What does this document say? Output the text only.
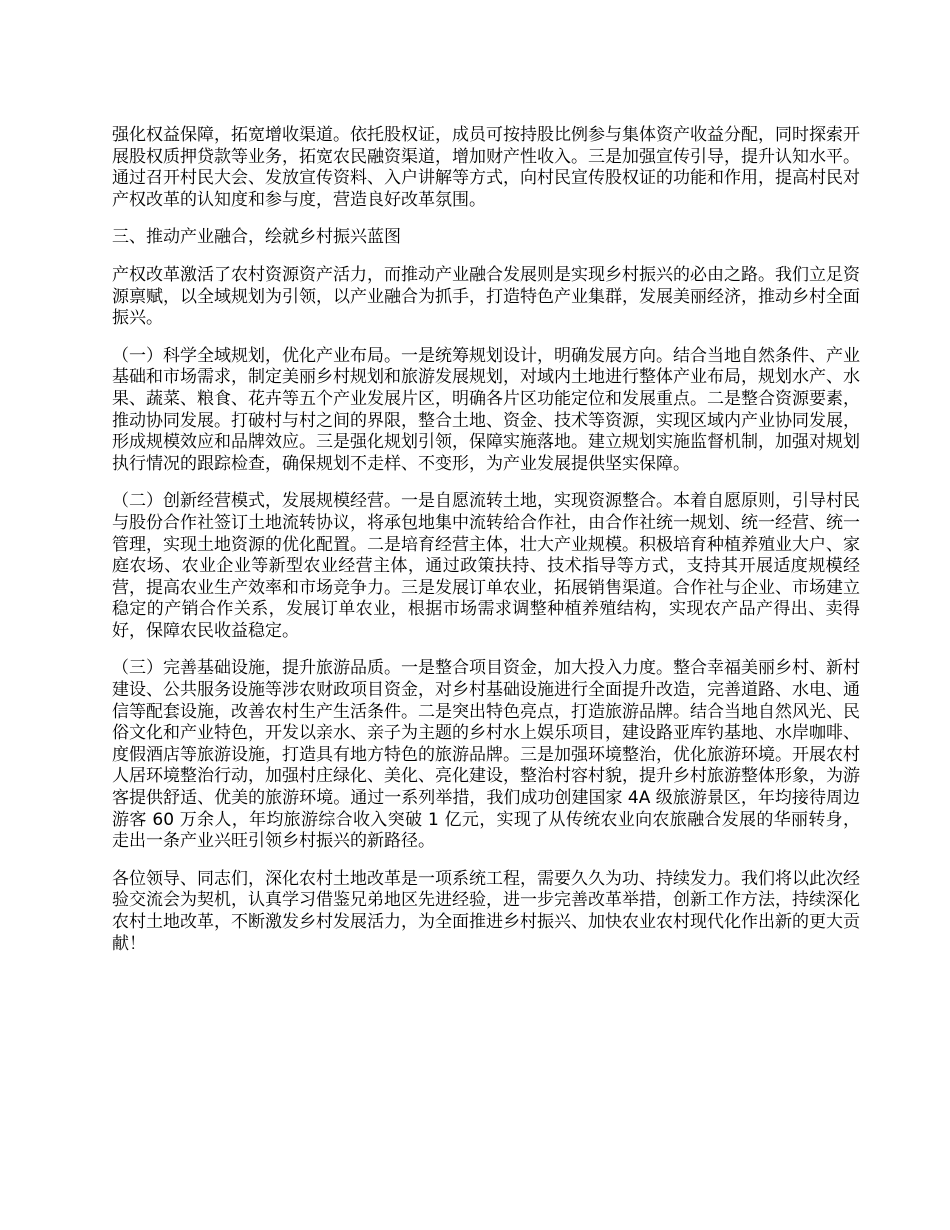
强化权益保障，拓宽增收渠道。依托股权证，成员可按持股比例参与集体资产收益分配，同时探索开展股权质押贷款等业务，拓宽农民融资渠道，增加财产性收入。三是加强宣传引导，提升认知水平。通过召开村民大会、发放宣传资料、入户讲解等方式，向村民宣传股权证的功能和作用，提高村民对产权改革的认知度和参与度，营造良好改革氛围。

三、推动产业融合，绘就乡村振兴蓝图

产权改革激活了农村资源资产活力，而推动产业融合发展则是实现乡村振兴的必由之路。我们立足资源禀赋，以全域规划为引领，以产业融合为抓手，打造特色产业集群，发展美丽经济，推动乡村全面振兴。

（一）科学全域规划，优化产业布局。一是统筹规划设计，明确发展方向。结合当地自然条件、产业基础和市场需求，制定美丽乡村规划和旅游发展规划，对域内土地进行整体产业布局，规划水产、水果、蔬菜、粮食、花卉等五个产业发展片区，明确各片区功能定位和发展重点。二是整合资源要素，推动协同发展。打破村与村之间的界限，整合土地、资金、技术等资源，实现区域内产业协同发展，形成规模效应和品牌效应。三是强化规划引领，保障实施落地。建立规划实施监督机制，加强对规划执行情况的跟踪检查，确保规划不走样、不变形，为产业发展提供坚实保障。

（二）创新经营模式，发展规模经营。一是自愿流转土地，实现资源整合。本着自愿原则，引导村民与股份合作社签订土地流转协议，将承包地集中流转给合作社，由合作社统一规划、统一经营、统一管理，实现土地资源的优化配置。二是培育经营主体，壮大产业规模。积极培育种植养殖业大户、家庭农场、农业企业等新型农业经营主体，通过政策扶持、技术指导等方式，支持其开展适度规模经营，提高农业生产效率和市场竞争力。三是发展订单农业，拓展销售渠道。合作社与企业、市场建立稳定的产销合作关系，发展订单农业，根据市场需求调整种植养殖结构，实现农产品产得出、卖得好，保障农民收益稳定。

（三）完善基础设施，提升旅游品质。一是整合项目资金，加大投入力度。整合幸福美丽乡村、新村建设、公共服务设施等涉农财政项目资金，对乡村基础设施进行全面提升改造，完善道路、水电、通信等配套设施，改善农村生产生活条件。二是突出特色亮点，打造旅游品牌。结合当地自然风光、民俗文化和产业特色，开发以亲水、亲子为主题的乡村水上娱乐项目，建设路亚库钓基地、水岸咖啡、度假酒店等旅游设施，打造具有地方特色的旅游品牌。三是加强环境整治，优化旅游环境。开展农村人居环境整治行动，加强村庄绿化、美化、亮化建设，整治村容村貌，提升乡村旅游整体形象，为游客提供舒适、优美的旅游环境。通过一系列举措，我们成功创建国家 4A 级旅游景区，年均接待周边游客 60 万余人，年均旅游综合收入突破 1 亿元，实现了从传统农业向农旅融合发展的华丽转身，走出一条产业兴旺引领乡村振兴的新路径。

各位领导、同志们，深化农村土地改革是一项系统工程，需要久久为功、持续发力。我们将以此次经验交流会为契机，认真学习借鉴兄弟地区先进经验，进一步完善改革举措，创新工作方法，持续深化农村土地改革，不断激发乡村发展活力，为全面推进乡村振兴、加快农业农村现代化作出新的更大贡献！
